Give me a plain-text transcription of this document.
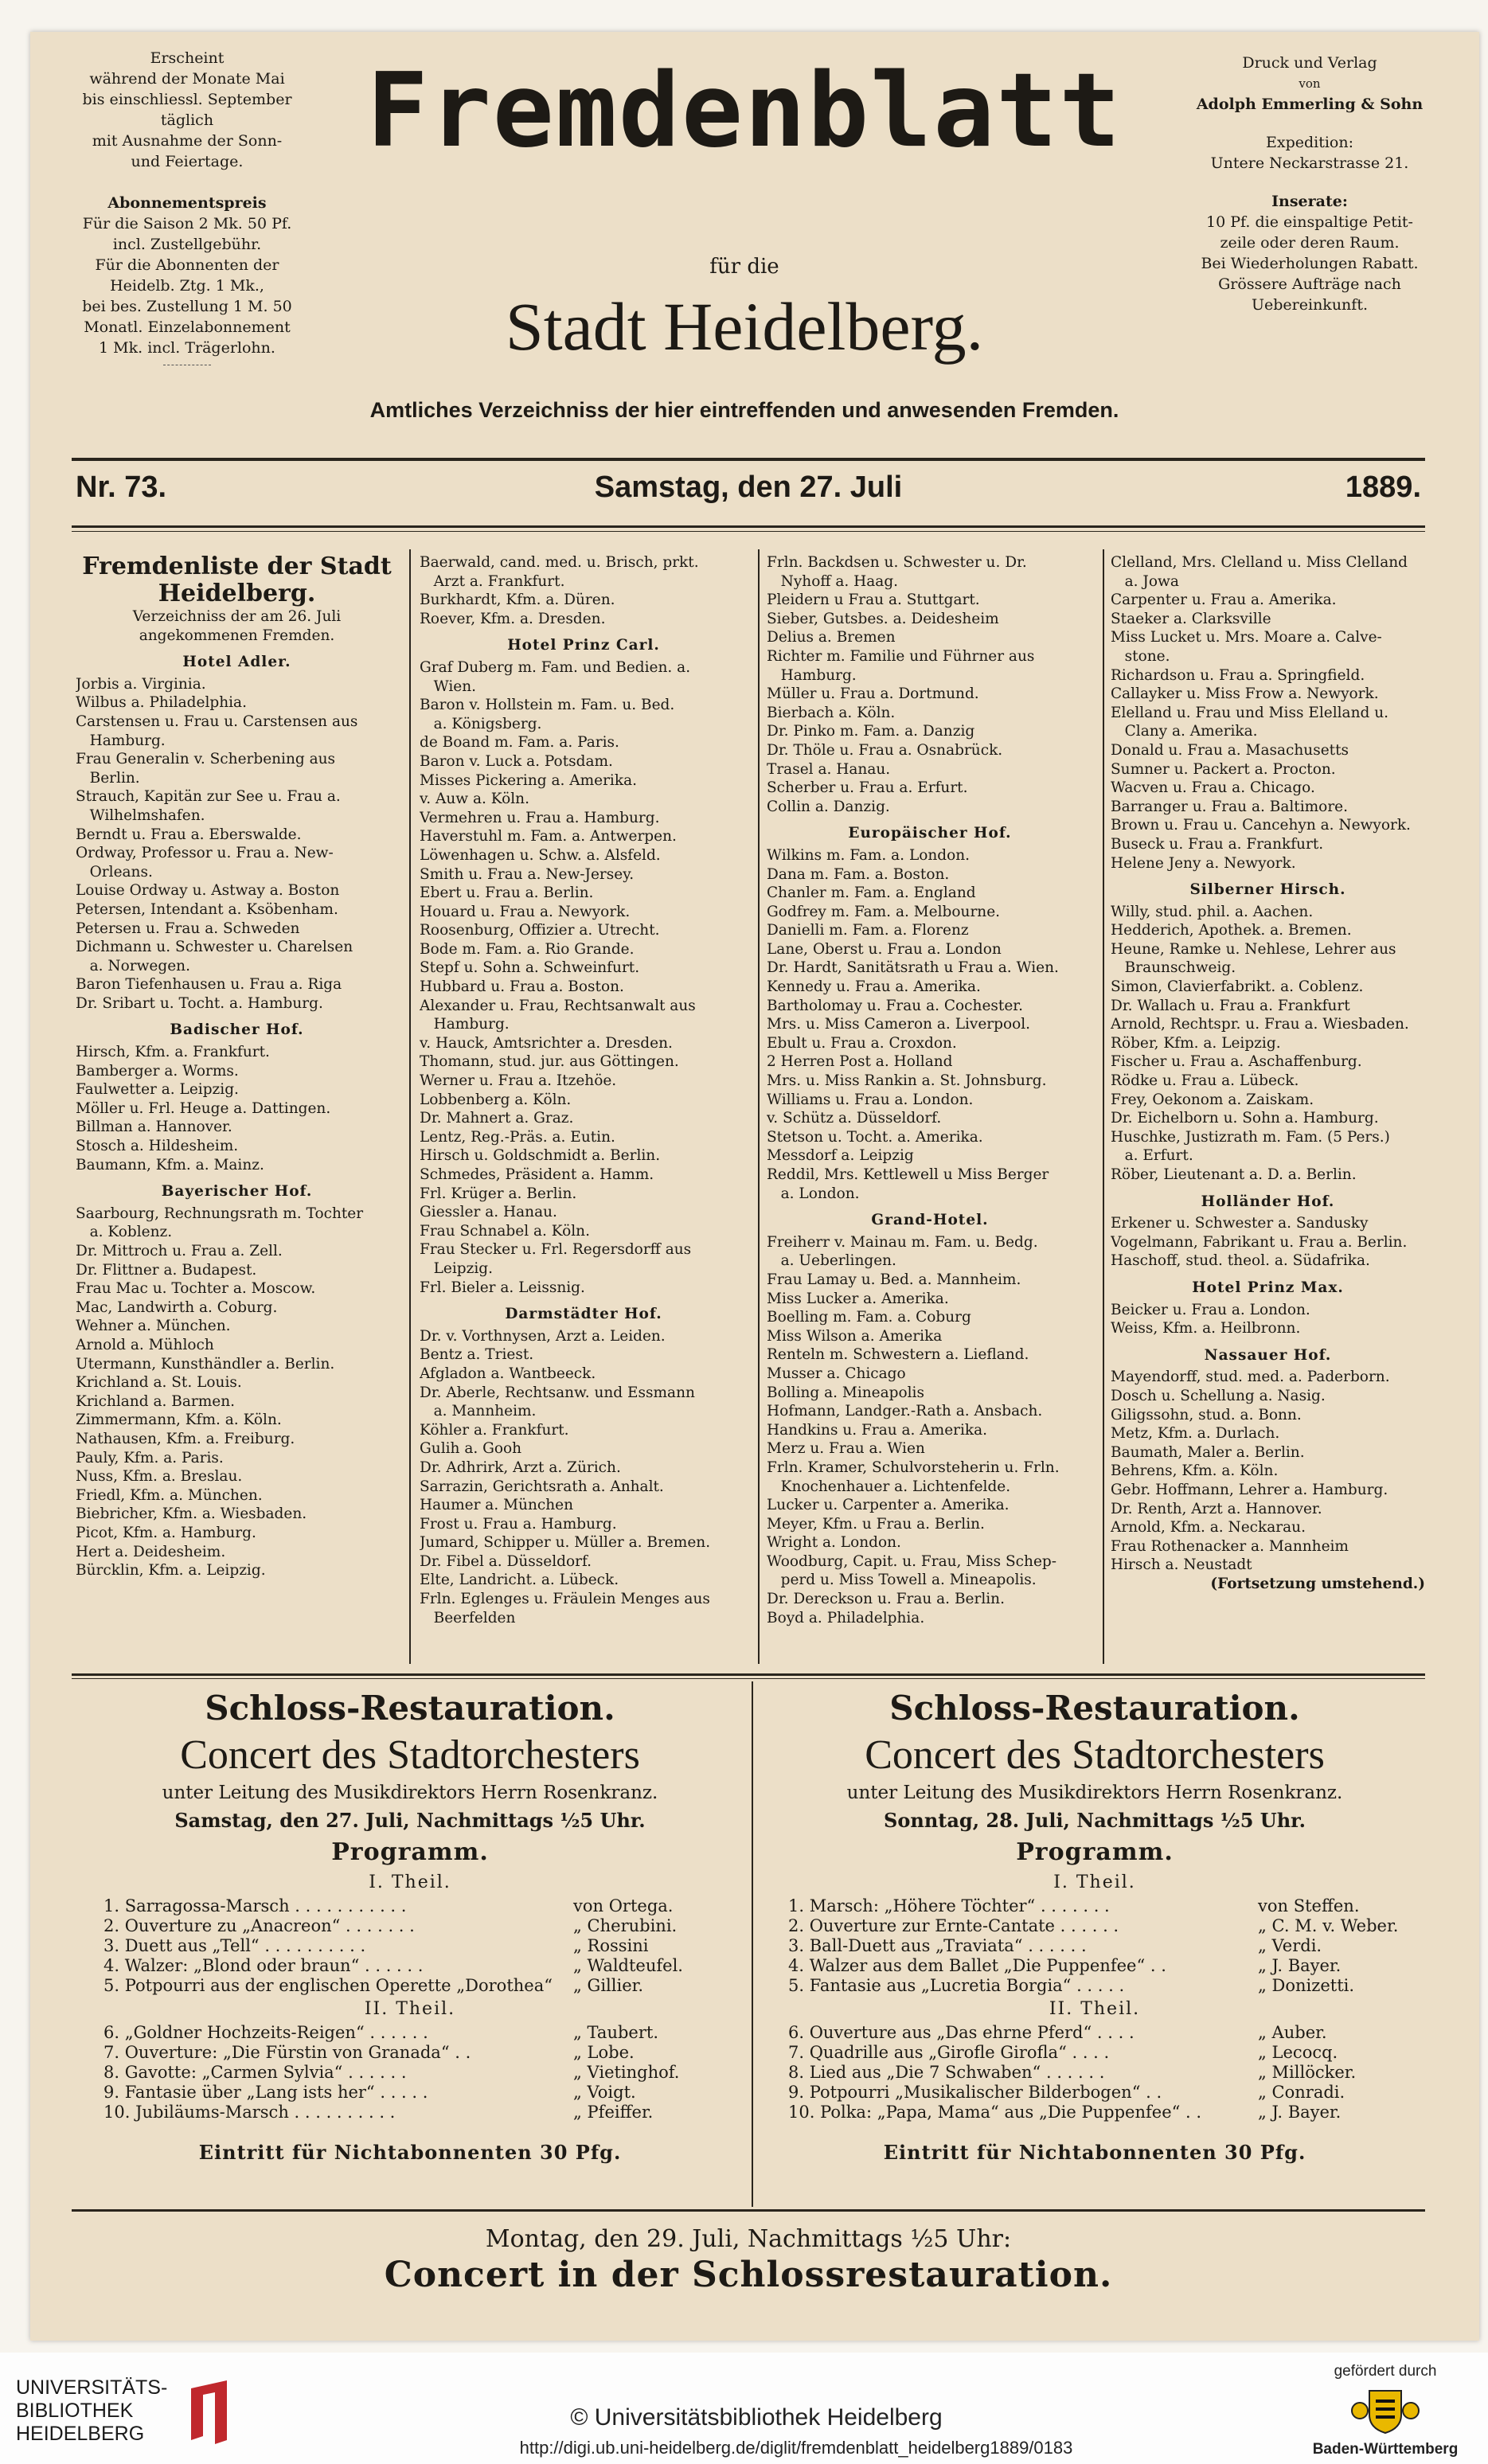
Erscheint
während der Monate Mai
bis einschliessl. September
täglich
mit Ausnahme der Sonn-
und Feiertage.
Abonnementspreis
Für die Saison 2 Mk. 50 Pf.
incl. Zustellgebühr.
Für die Abonnenten der
Heidelb. Ztg. 1 Mk.,
bei bes. Zustellung 1 M. 50
Monatl. Einzelabonnement
1 Mk. incl. Trägerlohn.
Fremdenblatt
für die
Stadt Heidelberg.
Amtliches Verzeichniss der hier eintreffenden und anwesenden Fremden.
Druck und Verlag
von
Adolph Emmerling & Sohn
Expedition:
Untere Neckarstrasse 21.
Inserate:
10 Pf. die einspaltige Petit-
zeile oder deren Raum.
Bei Wiederholungen Rabatt.
Grössere Aufträge nach
Uebereinkunft.
Nr. 73.	Samstag, den 27. Juli	1889.
Fremdenliste der Stadt
Heidelberg.
Verzeichniss der am 26. Juli
angekommenen Fremden.
Hotel Adler.
Jorbis a. Virginia.
Wilbus a. Philadelphia.
Carstensen u. Frau u. Carstensen aus
Hamburg.
Frau Generalin v. Scherbening aus
Berlin.
Strauch, Kapitän zur See u. Frau a.
Wilhelmshafen.
Berndt u. Frau a. Eberswalde.
Ordway, Professor u. Frau a. New-
Orleans.
Louise Ordway u. Astway a. Boston
Petersen, Intendant a. Ksöbenham.
Petersen u. Frau a. Schweden
Dichmann u. Schwester u. Charelsen
a. Norwegen.
Baron Tiefenhausen u. Frau a. Riga
Dr. Sribart u. Tocht. a. Hamburg.
Badischer Hof.
Hirsch, Kfm. a. Frankfurt.
Bamberger a. Worms.
Faulwetter a. Leipzig.
Möller u. Frl. Heuge a. Dattingen.
Billman a. Hannover.
Stosch a. Hildesheim.
Baumann, Kfm. a. Mainz.
Bayerischer Hof.
Saarbourg, Rechnungsrath m. Tochter
a. Koblenz.
Dr. Mittroch u. Frau a. Zell.
Dr. Flittner a. Budapest.
Frau Mac u. Tochter a. Moscow.
Mac, Landwirth a. Coburg.
Wehner a. München.
Arnold a. Mühloch
Utermann, Kunsthändler a. Berlin.
Krichland a. St. Louis.
Krichland a. Barmen.
Zimmermann, Kfm. a. Köln.
Nathausen, Kfm. a. Freiburg.
Pauly, Kfm. a. Paris.
Nuss, Kfm. a. Breslau.
Friedl, Kfm. a. München.
Biebricher, Kfm. a. Wiesbaden.
Picot, Kfm. a. Hamburg.
Hert a. Deidesheim.
Bürcklin, Kfm. a. Leipzig.
Baerwald, cand. med. u. Brisch, prkt.
Arzt a. Frankfurt.
Burkhardt, Kfm. a. Düren.
Roever, Kfm. a. Dresden.
Hotel Prinz Carl.
Graf Duberg m. Fam. und Bedien. a.
Wien.
Baron v. Hollstein m. Fam. u. Bed.
a. Königsberg.
de Boand m. Fam. a. Paris.
Baron v. Luck a. Potsdam.
Misses Pickering a. Amerika.
v. Auw a. Köln.
Vermehren u. Frau a. Hamburg.
Haverstuhl m. Fam. a. Antwerpen.
Löwenhagen u. Schw. a. Alsfeld.
Smith u. Frau a. New-Jersey.
Ebert u. Frau a. Berlin.
Houard u. Frau a. Newyork.
Roosenburg, Offizier a. Utrecht.
Bode m. Fam. a. Rio Grande.
Stepf u. Sohn a. Schweinfurt.
Hubbard u. Frau a. Boston.
Alexander u. Frau, Rechtsanwalt aus
Hamburg.
v. Hauck, Amtsrichter a. Dresden.
Thomann, stud. jur. aus Göttingen.
Werner u. Frau a. Itzehöe.
Lobbenberg a. Köln.
Dr. Mahnert a. Graz.
Lentz, Reg.-Präs. a. Eutin.
Hirsch u. Goldschmidt a. Berlin.
Schmedes, Präsident a. Hamm.
Frl. Krüger a. Berlin.
Giessler a. Hanau.
Frau Schnabel a. Köln.
Frau Stecker u. Frl. Regersdorff aus
Leipzig.
Frl. Bieler a. Leissnig.
Darmstädter Hof.
Dr. v. Vorthnysen, Arzt a. Leiden.
Bentz a. Triest.
Afgladon a. Wantbeeck.
Dr. Aberle, Rechtsanw. und Essmann
a. Mannheim.
Köhler a. Frankfurt.
Gulih a. Gooh
Dr. Adhrirk, Arzt a. Zürich.
Sarrazin, Gerichtsrath a. Anhalt.
Haumer a. München
Frost u. Frau a. Hamburg.
Jumard, Schipper u. Müller a. Bremen.
Dr. Fibel a. Düsseldorf.
Elte, Landricht. a. Lübeck.
Frln. Eglenges u. Fräulein Menges aus
Beerfelden
Frln. Backdsen u. Schwester u. Dr.
Nyhoff a. Haag.
Pleidern u Frau a. Stuttgart.
Sieber, Gutsbes. a. Deidesheim
Delius a. Bremen
Richter m. Familie und Führner aus
Hamburg.
Müller u. Frau a. Dortmund.
Bierbach a. Köln.
Dr. Pinko m. Fam. a. Danzig
Dr. Thöle u. Frau a. Osnabrück.
Trasel a. Hanau.
Scherber u. Frau a. Erfurt.
Collin a. Danzig.
Europäischer Hof.
Wilkins m. Fam. a. London.
Dana m. Fam. a. Boston.
Chanler m. Fam. a. England
Godfrey m. Fam. a. Melbourne.
Danielli m. Fam. a. Florenz
Lane, Oberst u. Frau a. London
Dr. Hardt, Sanitätsrath u Frau a. Wien.
Kennedy u. Frau a. Amerika.
Bartholomay u. Frau a. Cochester.
Mrs. u. Miss Cameron a. Liverpool.
Ebult u. Frau a. Croxdon.
2 Herren Post a. Holland
Mrs. u. Miss Rankin a. St. Johnsburg.
Williams u. Frau a. London.
v. Schütz a. Düsseldorf.
Stetson u. Tocht. a. Amerika.
Messdorf a. Leipzig
Reddil, Mrs. Kettlewell u Miss Berger
a. London.
Grand-Hotel.
Freiherr v. Mainau m. Fam. u. Bedg.
a. Ueberlingen.
Frau Lamay u. Bed. a. Mannheim.
Miss Lucker a. Amerika.
Boelling m. Fam. a. Coburg
Miss Wilson a. Amerika
Renteln m. Schwestern a. Liefland.
Musser a. Chicago
Bolling a. Mineapolis
Hofmann, Landger.-Rath a. Ansbach.
Handkins u. Frau a. Amerika.
Merz u. Frau a. Wien
Frln. Kramer, Schulvorsteherin u. Frln.
Knochenhauer a. Lichtenfelde.
Lucker u. Carpenter a. Amerika.
Meyer, Kfm. u Frau a. Berlin.
Wright a. London.
Woodburg, Capit. u. Frau, Miss Schep-
perd u. Miss Towell a. Mineapolis.
Dr. Dereckson u. Frau a. Berlin.
Boyd a. Philadelphia.
Clelland, Mrs. Clelland u. Miss Clelland
a. Jowa
Carpenter u. Frau a. Amerika.
Staeker a. Clarksville
Miss Lucket u. Mrs. Moare a. Calve-
stone.
Richardson u. Frau a. Springfield.
Callayker u. Miss Frow a. Newyork.
Elelland u. Frau und Miss Elelland u.
Clany a. Amerika.
Donald u. Frau a. Masachusetts
Sumner u. Packert a. Procton.
Wacven u. Frau a. Chicago.
Barranger u. Frau a. Baltimore.
Brown u. Frau u. Cancehyn a. Newyork.
Buseck u. Frau a. Frankfurt.
Helene Jeny a. Newyork.
Silberner Hirsch.
Willy, stud. phil. a. Aachen.
Hedderich, Apothek. a. Bremen.
Heune, Ramke u. Nehlese, Lehrer aus
Braunschweig.
Simon, Clavierfabrikt. a. Coblenz.
Dr. Wallach u. Frau a. Frankfurt
Arnold, Rechtspr. u. Frau a. Wiesbaden.
Röber, Kfm. a. Leipzig.
Fischer u. Frau a. Aschaffenburg.
Rödke u. Frau a. Lübeck.
Frey, Oekonom a. Zaiskam.
Dr. Eichelborn u. Sohn a. Hamburg.
Huschke, Justizrath m. Fam. (5 Pers.)
a. Erfurt.
Röber, Lieutenant a. D. a. Berlin.
Holländer Hof.
Erkener u. Schwester a. Sandusky
Vogelmann, Fabrikant u. Frau a. Berlin.
Haschoff, stud. theol. a. Südafrika.
Hotel Prinz Max.
Beicker u. Frau a. London.
Weiss, Kfm. a. Heilbronn.
Nassauer Hof.
Mayendorff, stud. med. a. Paderborn.
Dosch u. Schellung a. Nasig.
Giligssohn, stud. a. Bonn.
Metz, Kfm. a. Durlach.
Baumath, Maler a. Berlin.
Behrens, Kfm. a. Köln.
Gebr. Hoffmann, Lehrer a. Hamburg.
Dr. Renth, Arzt a. Hannover.
Arnold, Kfm. a. Neckarau.
Frau Rothenacker a. Mannheim
Hirsch a. Neustadt
(Fortsetzung umstehend.)
Schloss-Restauration.
Concert des Stadtorchesters
unter Leitung des Musikdirektors Herrn Rosenkranz.
Samstag, den 27. Juli, Nachmittags ½5 Uhr.
Programm.
I. Theil.
1. Sarragossa-Marsch . . . . . . . . . . .	von Ortega.
2. Ouverture zu „Anacreon“ . . . . . . .	„ Cherubini.
3. Duett aus „Tell“ . . . . . . . . . .	„ Rossini
4. Walzer: „Blond oder braun“ . . . . . .	„ Waldteufel.
5. Potpourri aus der englischen Operette „Dorothea“ „ Gillier.
II. Theil.
6. „Goldner Hochzeits-Reigen“ . . . . . .	„ Taubert.
7. Ouverture: „Die Fürstin von Granada“ . .	„ Lobe.
8. Gavotte: „Carmen Sylvia“ . . . . . .	„ Vietinghof.
9. Fantasie über „Lang ists her“ . . . . .	„ Voigt.
10. Jubiläums-Marsch . . . . . . . . . .	„ Pfeiffer.
Eintritt für Nichtabonnenten 30 Pfg.
Schloss-Restauration.
Concert des Stadtorchesters
unter Leitung des Musikdirektors Herrn Rosenkranz.
Sonntag, 28. Juli, Nachmittags ½5 Uhr.
Programm.
I. Theil.
1. Marsch: „Höhere Töchter“ . . . . . . .	von Steffen.
2. Ouverture zur Ernte-Cantate . . . . . .	„ C. M. v. Weber.
3. Ball-Duett aus „Traviata“ . . . . . .	„ Verdi.
4. Walzer aus dem Ballet „Die Puppenfee“ . .	„ J. Bayer.
5. Fantasie aus „Lucretia Borgia“ . . . . .	„ Donizetti.
II. Theil.
6. Ouverture aus „Das ehrne Pferd“ . . . .	„ Auber.
7. Quadrille aus „Girofle Girofla“ . . . .	„ Lecocq.
8. Lied aus „Die 7 Schwaben“ . . . . . .	„ Millöcker.
9. Potpourri „Musikalischer Bilderbogen“ . .	„ Conradi.
10. Polka: „Papa, Mama“ aus „Die Puppenfee“ . .	„ J. Bayer.
Eintritt für Nichtabonnenten 30 Pfg.
Montag, den 29. Juli, Nachmittags ½5 Uhr:
Concert in der Schlossrestauration.
UNIVERSITÄTS-
BIBLIOTHEK
HEIDELBERG
© Universitätsbibliothek Heidelberg
http://digi.ub.uni-heidelberg.de/diglit/fremdenblatt_heidelberg1889/0183
gefördert durch
Baden-Württemberg
